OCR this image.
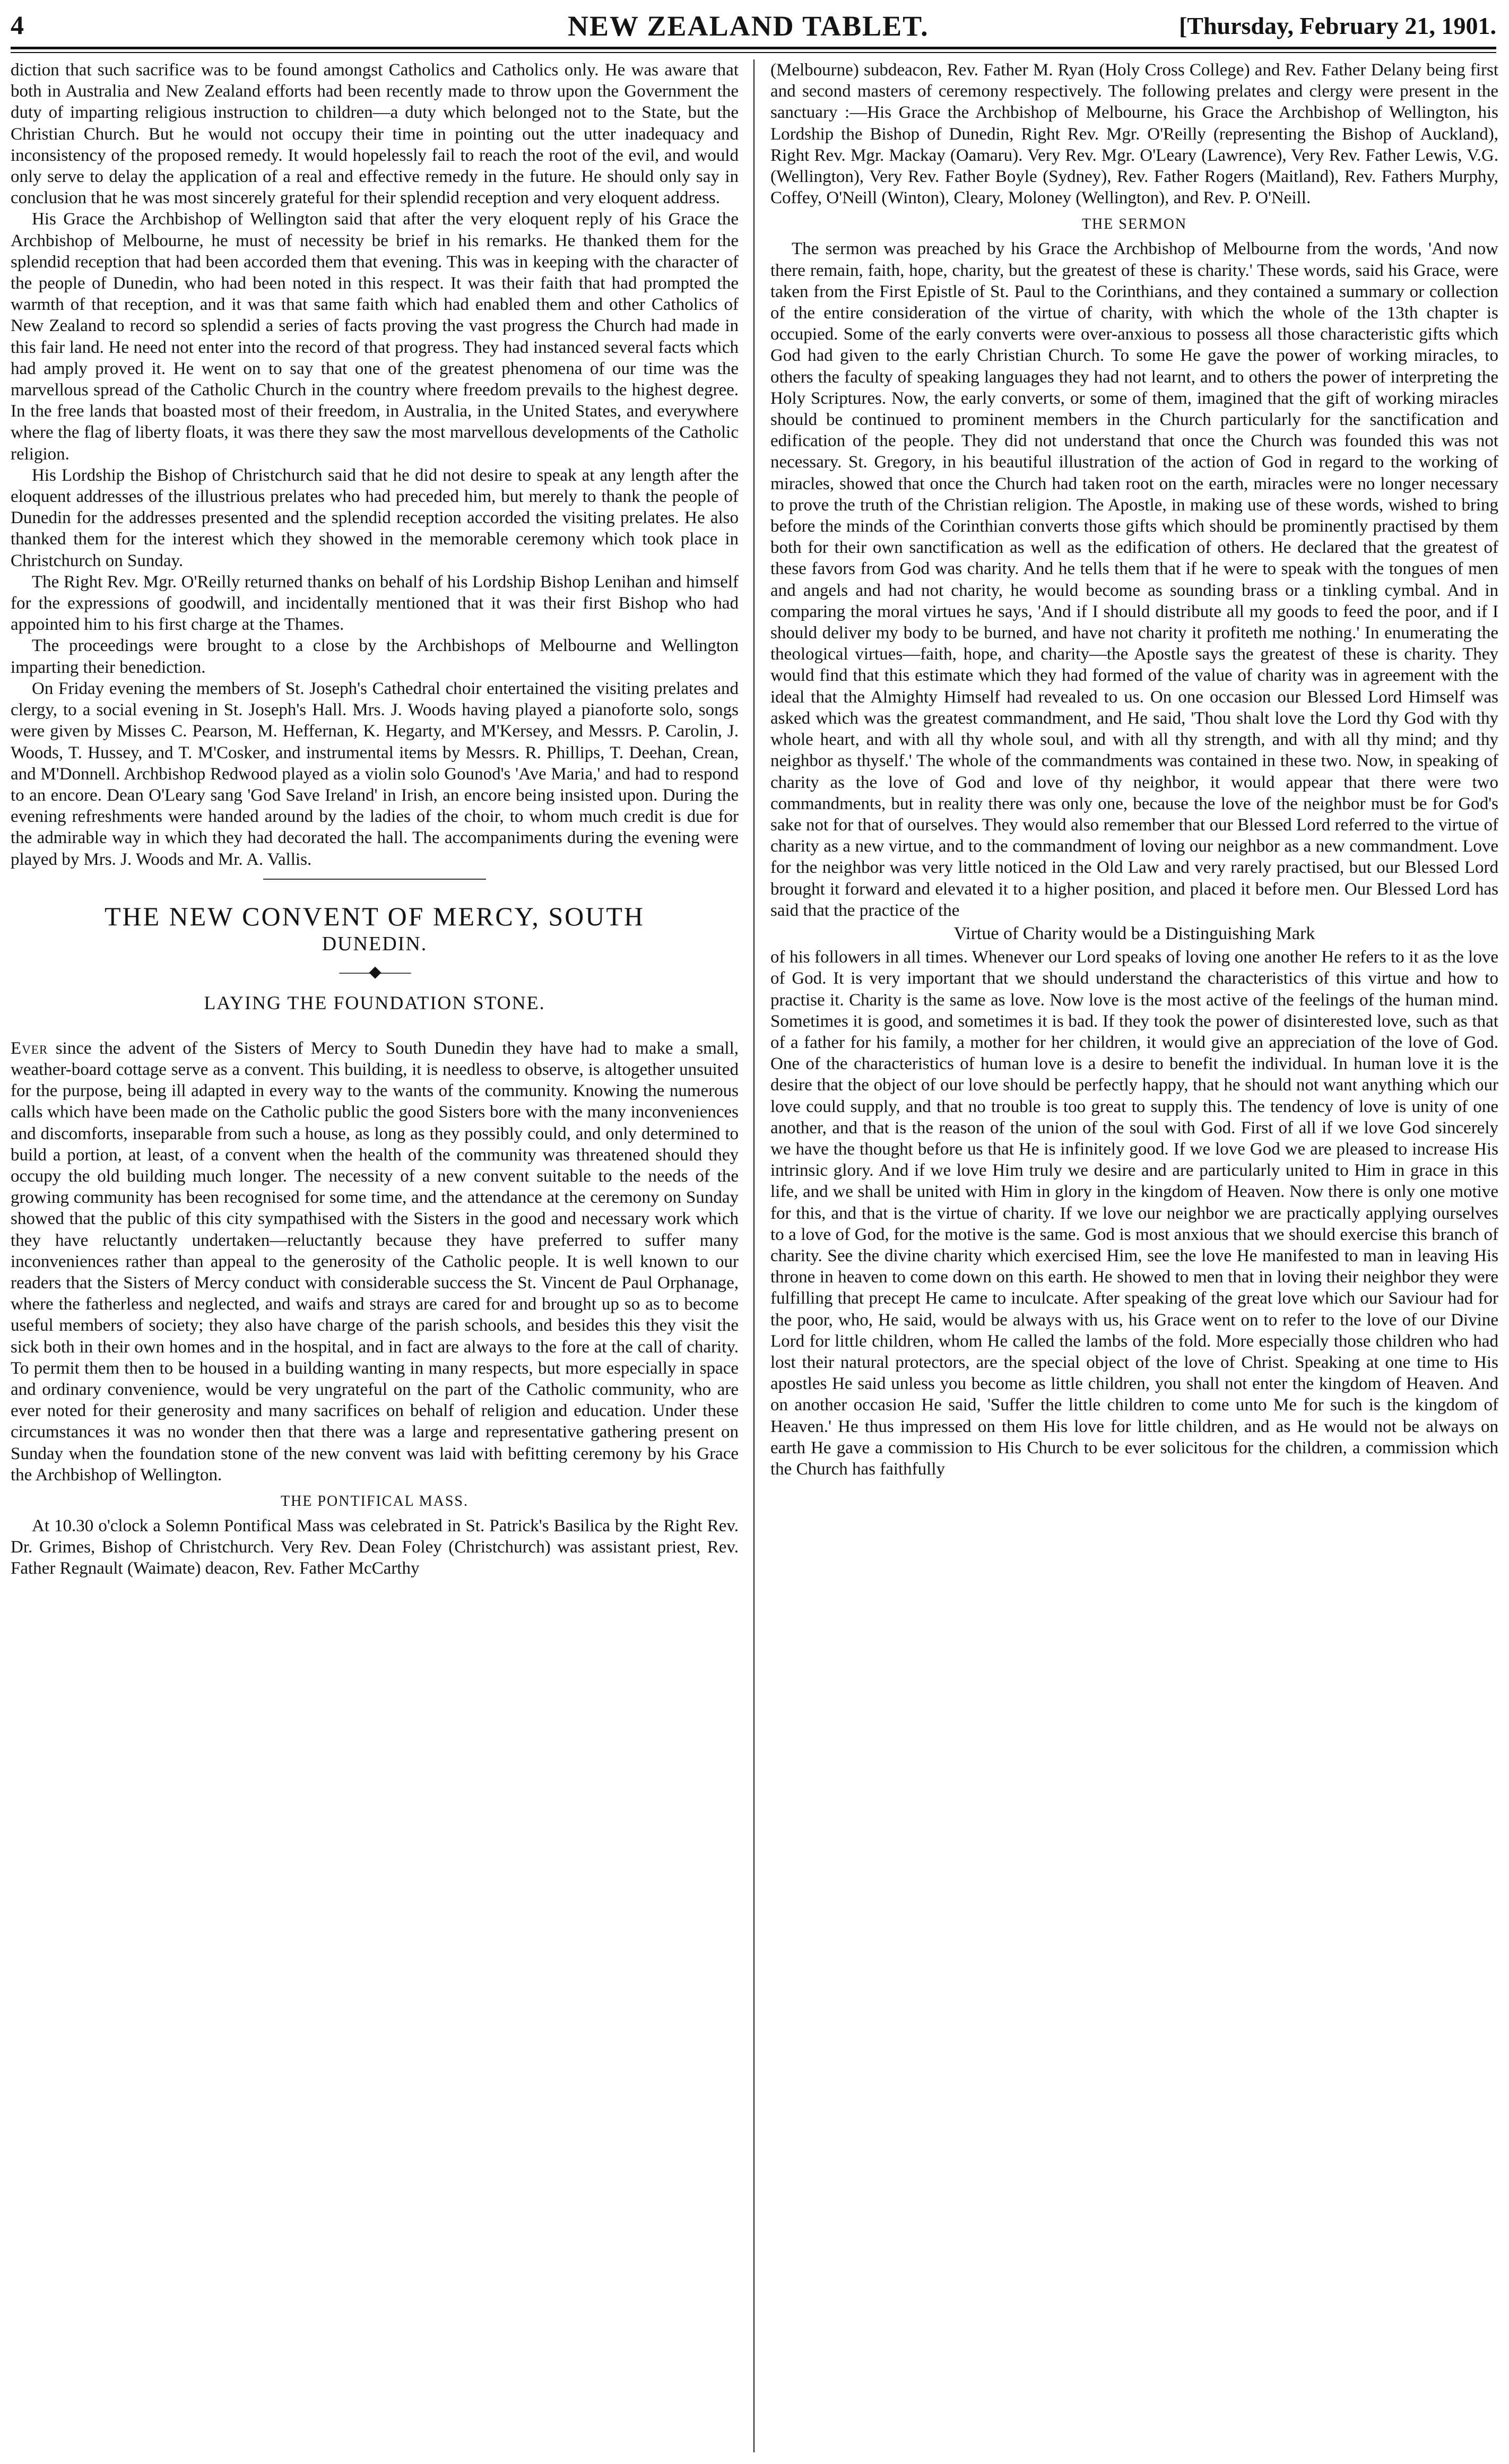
4	NEW ZEALAND TABLET.	[Thursday, February 21, 1901.

diction that such sacrifice was to be found amongst Catholics and Catholics only. He was aware that both in Australia and New Zealand efforts had been recently made to throw upon the Government the duty of imparting religious instruction to children—a duty which belonged not to the State, but the Christian Church. But he would not occupy their time in pointing out the utter inadequacy and inconsistency of the proposed remedy. It would hopelessly fail to reach the root of the evil, and would only serve to delay the application of a real and effective remedy in the future. He should only say in conclusion that he was most sincerely grateful for their splendid reception and very eloquent address.

His Grace the Archbishop of Wellington said that after the very eloquent reply of his Grace the Archbishop of Melbourne, he must of necessity be brief in his remarks. He thanked them for the splendid reception that had been accorded them that evening. This was in keeping with the character of the people of Dunedin, who had been noted in this respect. It was their faith that had prompted the warmth of that reception, and it was that same faith which had enabled them and other Catholics of New Zealand to record so splendid a series of facts proving the vast progress the Church had made in this fair land. He need not enter into the record of that progress. They had instanced several facts which had amply proved it. He went on to say that one of the greatest phenomena of our time was the marvellous spread of the Catholic Church in the country where freedom prevails to the highest degree. In the free lands that boasted most of their freedom, in Australia, in the United States, and everywhere where the flag of liberty floats, it was there they saw the most marvellous developments of the Catholic religion.

His Lordship the Bishop of Christchurch said that he did not desire to speak at any length after the eloquent addresses of the illustrious prelates who had preceded him, but merely to thank the people of Dunedin for the addresses presented and the splendid reception accorded the visiting prelates. He also thanked them for the interest which they showed in the memorable ceremony which took place in Christchurch on Sunday.

The Right Rev. Mgr. O'Reilly returned thanks on behalf of his Lordship Bishop Lenihan and himself for the expressions of goodwill, and incidentally mentioned that it was their first Bishop who had appointed him to his first charge at the Thames.

The proceedings were brought to a close by the Archbishops of Melbourne and Wellington imparting their benediction.

On Friday evening the members of St. Joseph's Cathedral choir entertained the visiting prelates and clergy, to a social evening in St. Joseph's Hall. Mrs. J. Woods having played a pianoforte solo, songs were given by Misses C. Pearson, M. Heffernan, K. Hegarty, and M'Kersey, and Messrs. P. Carolin, J. Woods, T. Hussey, and T. M'Cosker, and instrumental items by Messrs. R. Phillips, T. Deehan, Crean, and M'Donnell. Archbishop Redwood played as a violin solo Gounod's 'Ave Maria,' and had to respond to an encore. Dean O'Leary sang 'God Save Ireland' in Irish, an encore being insisted upon. During the evening refreshments were handed around by the ladies of the choir, to whom much credit is due for the admirable way in which they had decorated the hall. The accompaniments during the evening were played by Mrs. J. Woods and Mr. A. Vallis.

THE NEW CONVENT OF MERCY, SOUTH
DUNEDIN.
——◆——
LAYING THE FOUNDATION STONE.

Ever since the advent of the Sisters of Mercy to South Dunedin they have had to make a small, weather-board cottage serve as a convent. This building, it is needless to observe, is altogether unsuited for the purpose, being ill adapted in every way to the wants of the community. Knowing the numerous calls which have been made on the Catholic public the good Sisters bore with the many inconveniences and discomforts, inseparable from such a house, as long as they possibly could, and only determined to build a portion, at least, of a convent when the health of the community was threatened should they occupy the old building much longer. The necessity of a new convent suitable to the needs of the growing community has been recognised for some time, and the attendance at the ceremony on Sunday showed that the public of this city sympathised with the Sisters in the good and necessary work which they have reluctantly undertaken—reluctantly because they have preferred to suffer many inconveniences rather than appeal to the generosity of the Catholic people. It is well known to our readers that the Sisters of Mercy conduct with considerable success the St. Vincent de Paul Orphanage, where the fatherless and neglected, and waifs and strays are cared for and brought up so as to become useful members of society; they also have charge of the parish schools, and besides this they visit the sick both in their own homes and in the hospital, and in fact are always to the fore at the call of charity. To permit them then to be housed in a building wanting in many respects, but more especially in space and ordinary convenience, would be very ungrateful on the part of the Catholic community, who are ever noted for their generosity and many sacrifices on behalf of religion and education. Under these circumstances it was no wonder then that there was a large and representative gathering present on Sunday when the foundation stone of the new convent was laid with befitting ceremony by his Grace the Archbishop of Wellington.

THE PONTIFICAL MASS.

At 10.30 o'clock a Solemn Pontifical Mass was celebrated in St. Patrick's Basilica by the Right Rev. Dr. Grimes, Bishop of Christchurch. Very Rev. Dean Foley (Christchurch) was assistant priest, Rev. Father Regnault (Waimate) deacon, Rev. Father McCarthy

(Melbourne) subdeacon, Rev. Father M. Ryan (Holy Cross College) and Rev. Father Delany being first and second masters of ceremony respectively. The following prelates and clergy were present in the sanctuary :—His Grace the Archbishop of Melbourne, his Grace the Archbishop of Wellington, his Lordship the Bishop of Dunedin, Right Rev. Mgr. O'Reilly (representing the Bishop of Auckland), Right Rev. Mgr. Mackay (Oamaru). Very Rev. Mgr. O'Leary (Lawrence), Very Rev. Father Lewis, V.G. (Wellington), Very Rev. Father Boyle (Sydney), Rev. Father Rogers (Maitland), Rev. Fathers Murphy, Coffey, O'Neill (Winton), Cleary, Moloney (Wellington), and Rev. P. O'Neill.

THE SERMON

The sermon was preached by his Grace the Archbishop of Melbourne from the words, 'And now there remain, faith, hope, charity, but the greatest of these is charity.' These words, said his Grace, were taken from the First Epistle of St. Paul to the Corinthians, and they contained a summary or collection of the entire consideration of the virtue of charity, with which the whole of the 13th chapter is occupied. Some of the early converts were over-anxious to possess all those characteristic gifts which God had given to the early Christian Church. To some He gave the power of working miracles, to others the faculty of speaking languages they had not learnt, and to others the power of interpreting the Holy Scriptures. Now, the early converts, or some of them, imagined that the gift of working miracles should be continued to prominent members in the Church particularly for the sanctification and edification of the people. They did not understand that once the Church was founded this was not necessary. St. Gregory, in his beautiful illustration of the action of God in regard to the working of miracles, showed that once the Church had taken root on the earth, miracles were no longer necessary to prove the truth of the Christian religion. The Apostle, in making use of these words, wished to bring before the minds of the Corinthian converts those gifts which should be prominently practised by them both for their own sanctification as well as the edification of others. He declared that the greatest of these favors from God was charity. And he tells them that if he were to speak with the tongues of men and angels and had not charity, he would become as sounding brass or a tinkling cymbal. And in comparing the moral virtues he says, 'And if I should distribute all my goods to feed the poor, and if I should deliver my body to be burned, and have not charity it profiteth me nothing.' In enumerating the theological virtues—faith, hope, and charity—the Apostle says the greatest of these is charity. They would find that this estimate which they had formed of the value of charity was in agreement with the ideal that the Almighty Himself had revealed to us. On one occasion our Blessed Lord Himself was asked which was the greatest commandment, and He said, 'Thou shalt love the Lord thy God with thy whole heart, and with all thy whole soul, and with all thy strength, and with all thy mind; and thy neighbor as thyself.' The whole of the commandments was contained in these two. Now, in speaking of charity as the love of God and love of thy neighbor, it would appear that there were two commandments, but in reality there was only one, because the love of the neighbor must be for God's sake not for that of ourselves. They would also remember that our Blessed Lord referred to the virtue of charity as a new virtue, and to the commandment of loving our neighbor as a new commandment. Love for the neighbor was very little noticed in the Old Law and very rarely practised, but our Blessed Lord brought it forward and elevated it to a higher position, and placed it before men. Our Blessed Lord has said that the practice of the

Virtue of Charity would be a Distinguishing Mark

of his followers in all times. Whenever our Lord speaks of loving one another He refers to it as the love of God. It is very important that we should understand the characteristics of this virtue and how to practise it. Charity is the same as love. Now love is the most active of the feelings of the human mind. Sometimes it is good, and sometimes it is bad. If they took the power of disinterested love, such as that of a father for his family, a mother for her children, it would give an appreciation of the love of God. One of the characteristics of human love is a desire to benefit the individual. In human love it is the desire that the object of our love should be perfectly happy, that he should not want anything which our love could supply, and that no trouble is too great to supply this. The tendency of love is unity of one another, and that is the reason of the union of the soul with God. First of all if we love God sincerely we have the thought before us that He is infinitely good. If we love God we are pleased to increase His intrinsic glory. And if we love Him truly we desire and are particularly united to Him in grace in this life, and we shall be united with Him in glory in the kingdom of Heaven. Now there is only one motive for this, and that is the virtue of charity. If we love our neighbor we are practically applying ourselves to a love of God, for the motive is the same. God is most anxious that we should exercise this branch of charity. See the divine charity which exercised Him, see the love He manifested to man in leaving His throne in heaven to come down on this earth. He showed to men that in loving their neighbor they were fulfilling that precept He came to inculcate. After speaking of the great love which our Saviour had for the poor, who, He said, would be always with us, his Grace went on to refer to the love of our Divine Lord for little children, whom He called the lambs of the fold. More especially those children who had lost their natural protectors, are the special object of the love of Christ. Speaking at one time to His apostles He said unless you become as little children, you shall not enter the kingdom of Heaven. And on another occasion He said, 'Suffer the little children to come unto Me for such is the kingdom of Heaven.' He thus impressed on them His love for little children, and as He would not be always on earth He gave a commission to His Church to be ever solicitous for the children, a commission which the Church has faithfully
